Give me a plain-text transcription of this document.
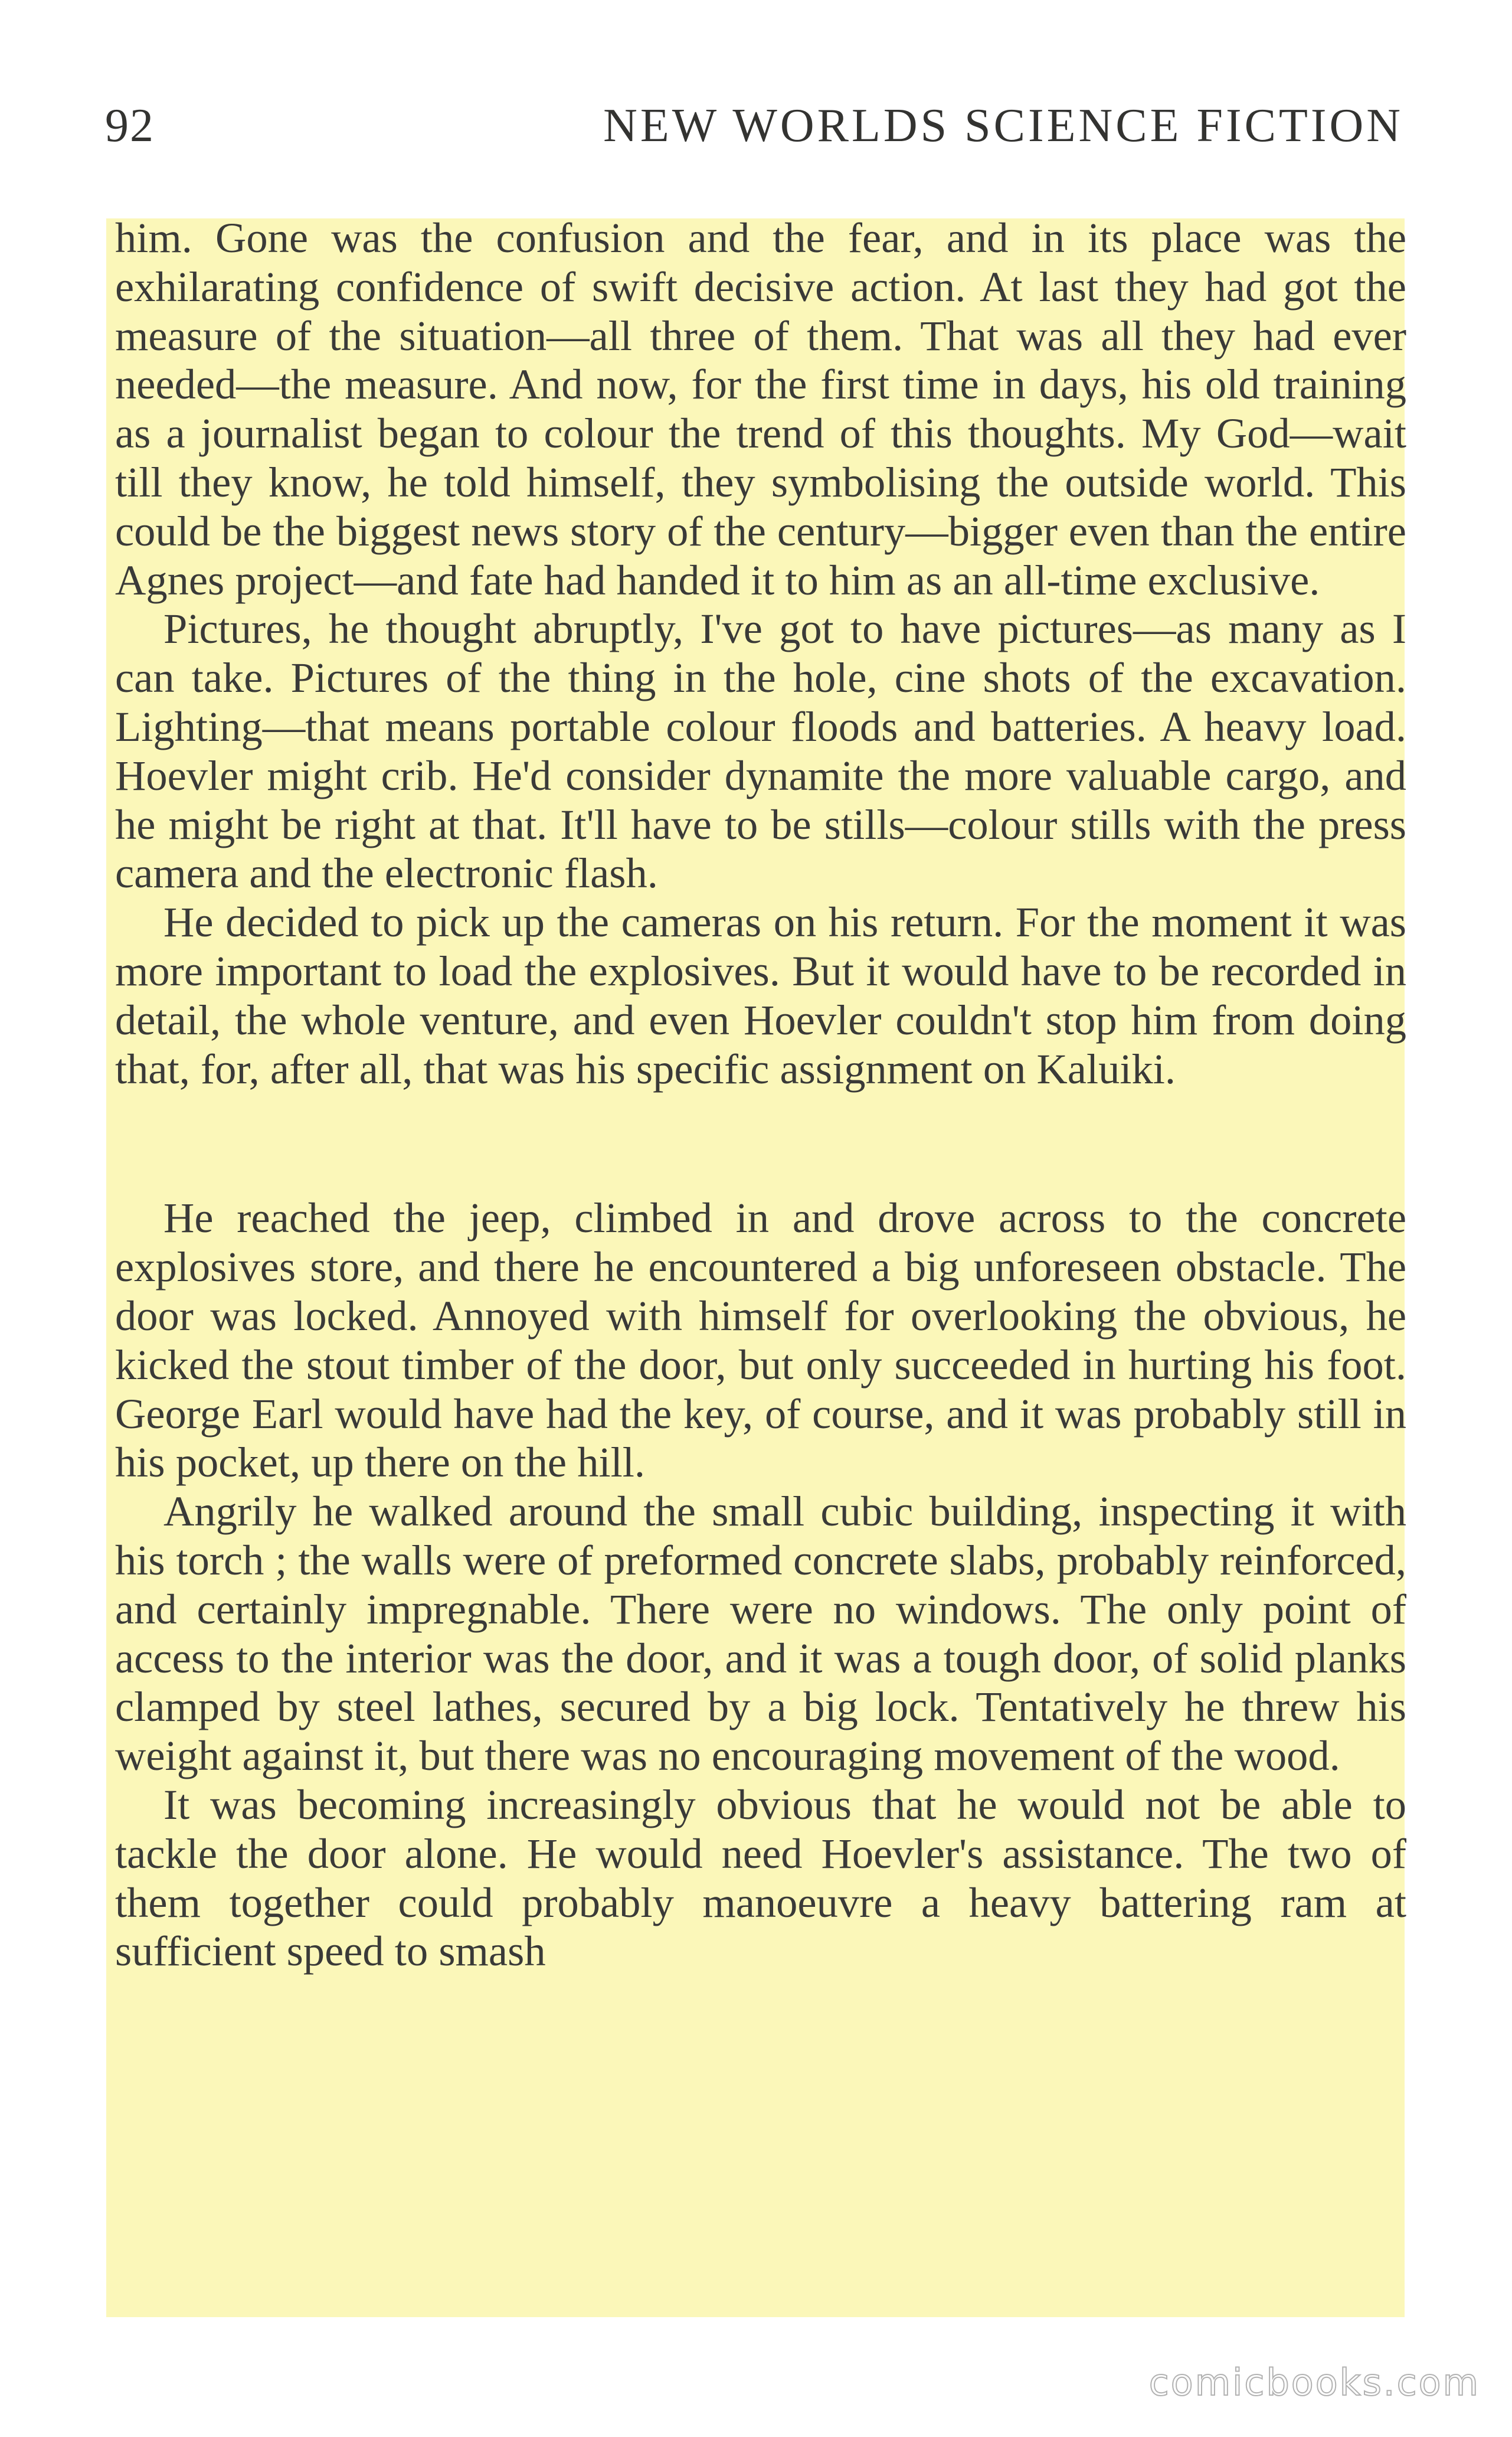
92	NEW WORLDS SCIENCE FICTION

him. Gone was the confusion and the fear, and in its place was the exhilarating confidence of swift decisive action. At last they had got the measure of the situation—all three of them. That was all they had ever needed—the measure. And now, for the first time in days, his old training as a journalist began to colour the trend of this thoughts. My God—wait till they know, he told himself, they symbolising the outside world. This could be the biggest news story of the century—bigger even than the entire Agnes project—and fate had handed it to him as an all-time exclusive.

Pictures, he thought abruptly, I've got to have pictures—as many as I can take. Pictures of the thing in the hole, cine shots of the excavation. Lighting—that means portable colour floods and batteries. A heavy load. Hoevler might crib. He'd consider dynamite the more valuable cargo, and he might be right at that. It'll have to be stills—colour stills with the press camera and the electronic flash.

He decided to pick up the cameras on his return. For the moment it was more important to load the explosives. But it would have to be recorded in detail, the whole venture, and even Hoevler couldn't stop him from doing that, for, after all, that was his specific assignment on Kaluiki.

He reached the jeep, climbed in and drove across to the concrete explosives store, and there he encountered a big unforeseen obstacle. The door was locked. Annoyed with himself for overlooking the obvious, he kicked the stout timber of the door, but only succeeded in hurting his foot. George Earl would have had the key, of course, and it was probably still in his pocket, up there on the hill.

Angrily he walked around the small cubic building, inspecting it with his torch ; the walls were of preformed concrete slabs, probably reinforced, and certainly impregnable. There were no windows. The only point of access to the interior was the door, and it was a tough door, of solid planks clamped by steel lathes, secured by a big lock. Tentatively he threw his weight against it, but there was no encouraging movement of the wood.

It was becoming increasingly obvious that he would not be able to tackle the door alone. He would need Hoevler's assistance. The two of them together could probably manoeuvre a heavy battering ram at sufficient speed to smash

comicbooks.com
